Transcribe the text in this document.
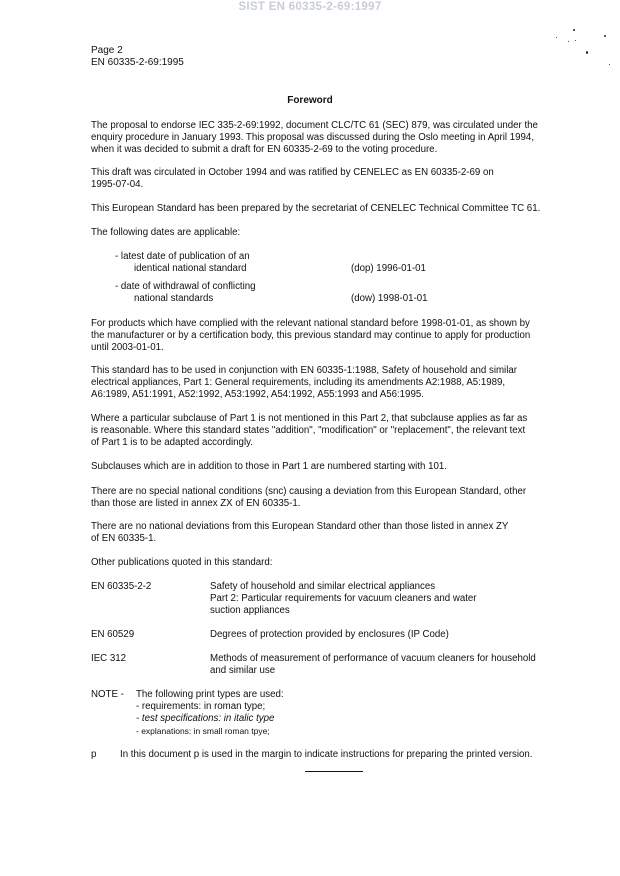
SIST EN 60335-2-69:1997
Page 2
EN 60335-2-69:1995
Foreword
The proposal to endorse IEC 335-2-69:1992, document CLC/TC 61 (SEC) 879, was circulated under the
enquiry procedure in January 1993. This proposal was discussed during the Oslo meeting in April 1994,
when it was decided to submit a draft for EN 60335-2-69 to the voting procedure.
This draft was circulated in October 1994 and was ratified by CENELEC as EN 60335-2-69 on
1995-07-04.
This European Standard has been prepared by the secretariat of CENELEC Technical Committee TC 61.
The following dates are applicable:
- latest date of publication of an
identical national standard	(dop) 1996-01-01
- date of withdrawal of conflicting
national standards	(dow) 1998-01-01
For products which have complied with the relevant national standard before 1998-01-01, as shown by
the manufacturer or by a certification body, this previous standard may continue to apply for production
until 2003-01-01.
This standard has to be used in conjunction with EN 60335-1:1988, Safety of household and similar
electrical appliances, Part 1: General requirements, including its amendments A2:1988, A5:1989,
A6:1989, A51:1991, A52:1992, A53:1992, A54:1992, A55:1993 and A56:1995.
Where a particular subclause of Part 1 is not mentioned in this Part 2, that subclause applies as far as
is reasonable. Where this standard states "addition", "modification" or "replacement", the relevant text
of Part 1 is to be adapted accordingly.
Subclauses which are in addition to those in Part 1 are numbered starting with 101.
There are no special national conditions (snc) causing a deviation from this European Standard, other
than those are listed in annex ZX of EN 60335-1.
There are no national deviations from this European Standard other than those listed in annex ZY
of EN 60335-1.
Other publications quoted in this standard:
EN 60335-2-2	Safety of household and similar electrical appliances
Part 2: Particular requirements for vacuum cleaners and water
suction appliances
EN 60529	Degrees of protection provided by enclosures (IP Code)
IEC 312	Methods of measurement of performance of vacuum cleaners for household
and similar use
NOTE - The following print types are used:
- requirements: in roman type;
- test specifications: in italic type
- explanations: in small roman tpye;
p In this document p is used in the margin to indicate instructions for preparing the printed version.
